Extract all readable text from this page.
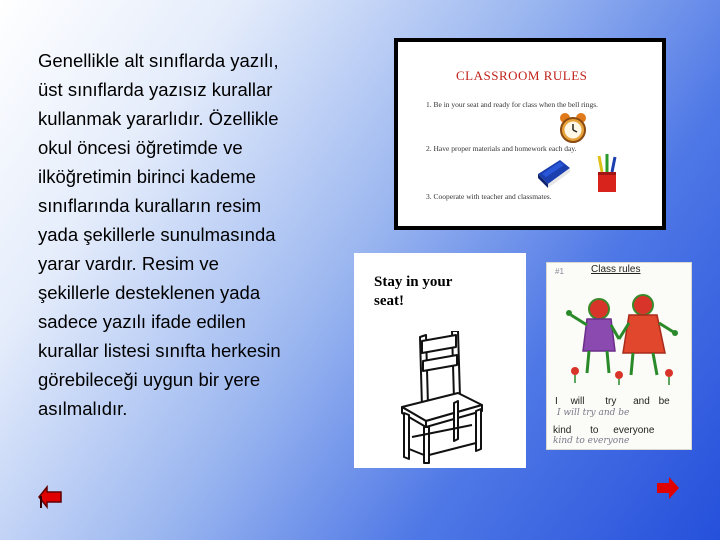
Genellikle alt sınıflarda yazılı,
üst sınıflarda yazısız kurallar
kullanmak yararlıdır. Özellikle
okul öncesi öğretimde ve
ilköğretimin birinci kademe
sınıflarında kuralların resim
yada şekillerle sunulmasında
yarar vardır. Resim ve
şekillerle desteklenen yada
sadece yazılı ifade edilen
kurallar listesi sınıfta herkesin
görebileceği uygun bir yere
asılmalıdır.
CLASSROOM RULES
1. Be in your seat and ready for class when the bell rings.
2. Have proper materials and homework each day.
3. Cooperate with teacher and classmates.
Stay in your
seat!
#1	Class rules
I will try and be
I will try and be
kind to everyone
kind to everyone
